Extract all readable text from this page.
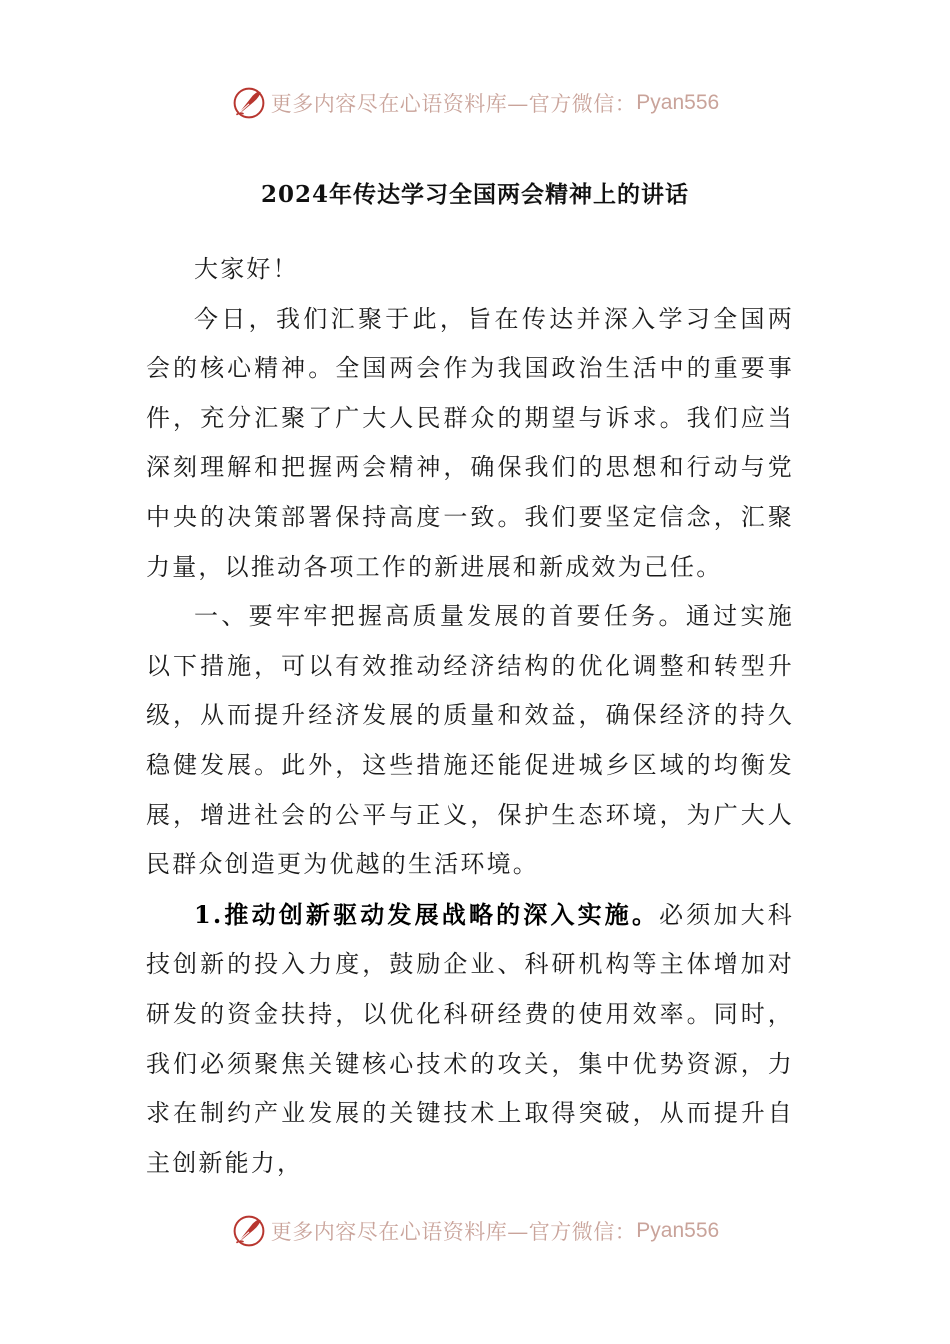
更多内容尽在心语资料库—官方微信： Pyan556
2024年传达学习全国两会精神上的讲话

大家好！

今日，我们汇聚于此，旨在传达并深入学习全国两会的核心精神。全国两会作为我国政治生活中的重要事件，充分汇聚了广大人民群众的期望与诉求。我们应当深刻理解和把握两会精神，确保我们的思想和行动与党中央的决策部署保持高度一致。我们要坚定信念，汇聚力量，以推动各项工作的新进展和新成效为己任。

一、要牢牢把握高质量发展的首要任务。通过实施以下措施，可以有效推动经济结构的优化调整和转型升级，从而提升经济发展的质量和效益，确保经济的持久稳健发展。此外，这些措施还能促进城乡区域的均衡发展，增进社会的公平与正义，保护生态环境，为广大人民群众创造更为优越的生活环境。

1.推动创新驱动发展战略的深入实施。必须加大科技创新的投入力度，鼓励企业、科研机构等主体增加对研发的资金扶持，以优化科研经费的使用效率。同时，我们必须聚焦关键核心技术的攻关，集中优势资源，力求在制约产业发展的关键技术上取得突破，从而提升自主创新能力，

更多内容尽在心语资料库—官方微信： Pyan556
